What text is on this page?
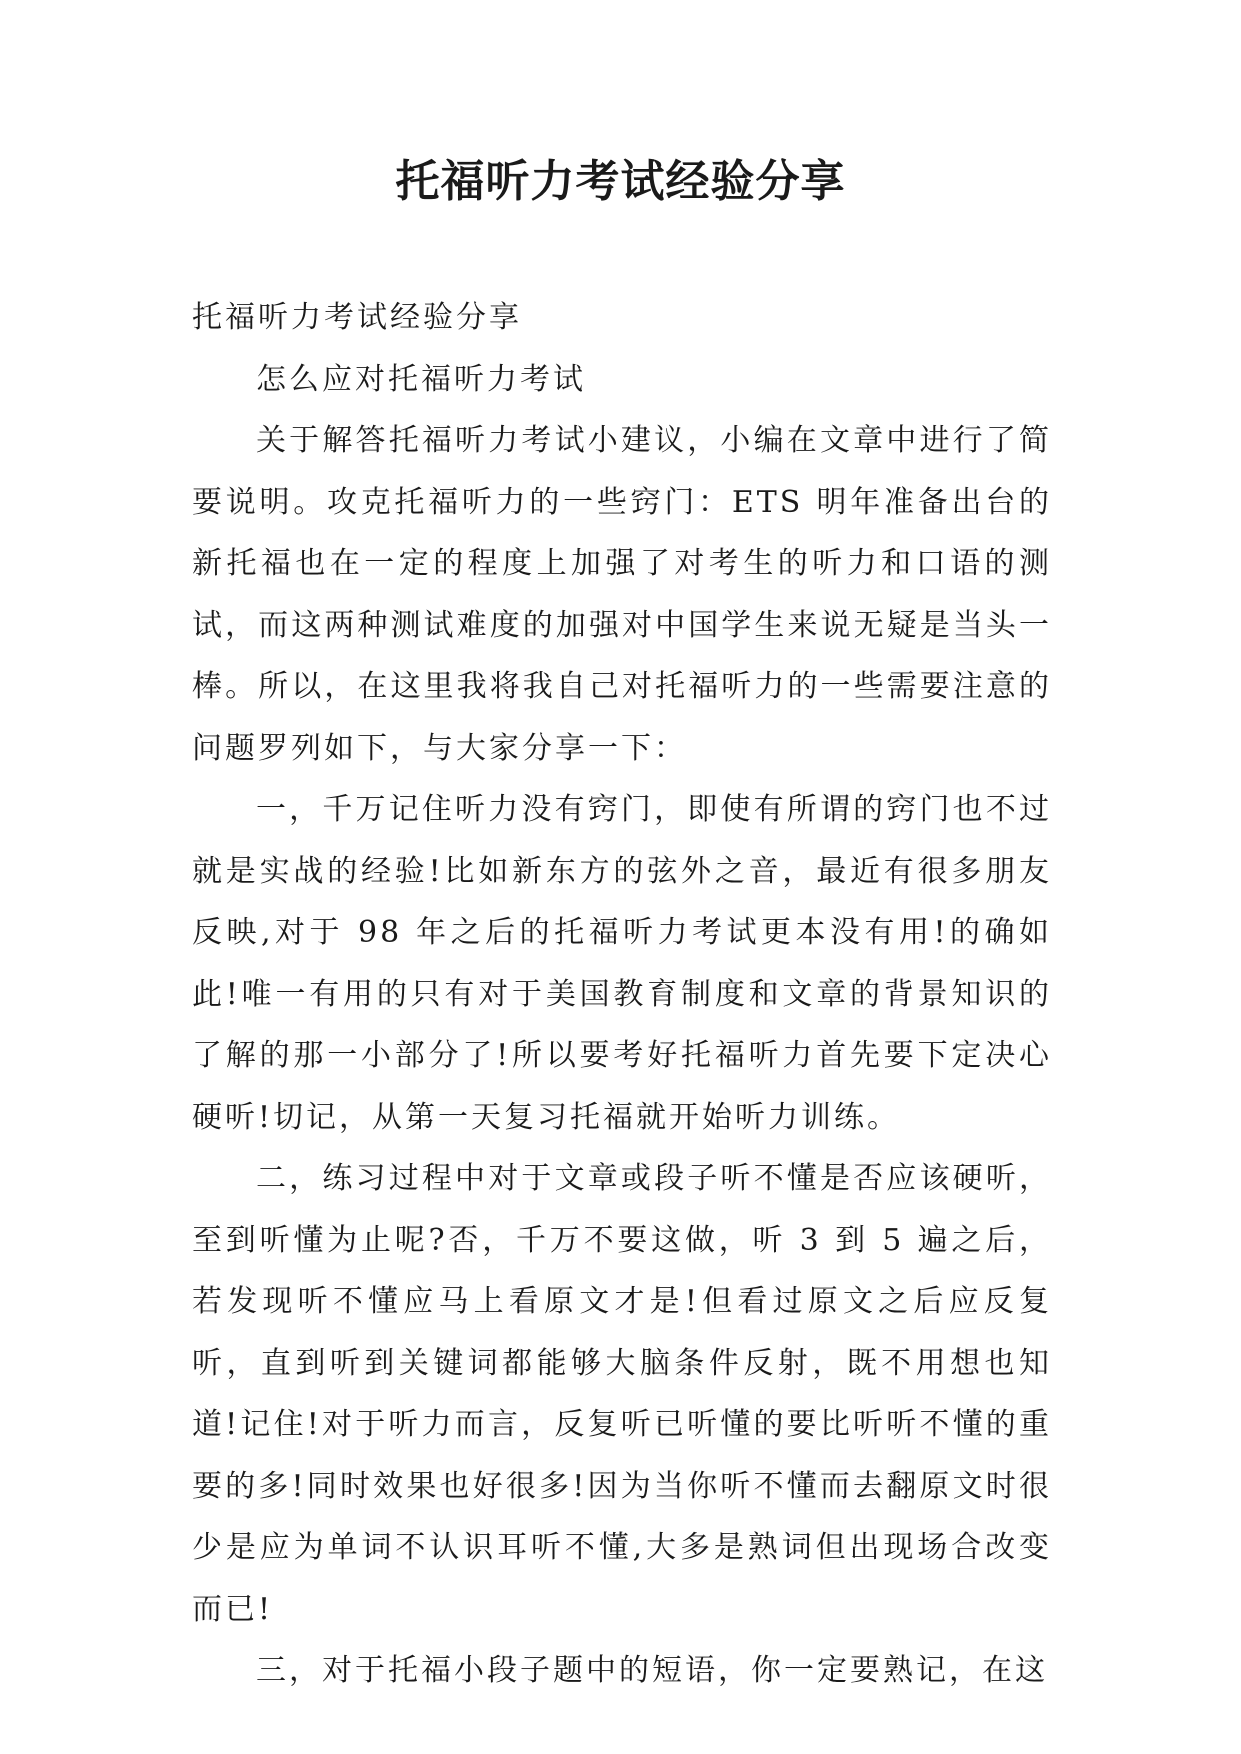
托福听力考试经验分享

托福听力考试经验分享

怎么应对托福听力考试

关于解答托福听力考试小建议，小编在文章中进行了简要说明。攻克托福听力的一些窍门：ETS 明年准备出台的新托福也在一定的程度上加强了对考生的听力和口语的测试，而这两种测试难度的加强对中国学生来说无疑是当头一棒。所以，在这里我将我自己对托福听力的一些需要注意的问题罗列如下，与大家分享一下：

一，千万记住听力没有窍门，即使有所谓的窍门也不过就是实战的经验!比如新东方的弦外之音，最近有很多朋友反映,对于 98 年之后的托福听力考试更本没有用!的确如此!唯一有用的只有对于美国教育制度和文章的背景知识的了解的那一小部分了!所以要考好托福听力首先要下定决心硬听!切记，从第一天复习托福就开始听力训练。

二，练习过程中对于文章或段子听不懂是否应该硬听，至到听懂为止呢?否，千万不要这做，听 3 到 5 遍之后，若发现听不懂应马上看原文才是!但看过原文之后应反复听，直到听到关键词都能够大脑条件反射，既不用想也知道!记住!对于听力而言，反复听已听懂的要比听听不懂的重要的多!同时效果也好很多!因为当你听不懂而去翻原文时很少是应为单词不认识耳听不懂,大多是熟词但出现场合改变而已!

三，对于托福小段子题中的短语，你一定要熟记，在这
